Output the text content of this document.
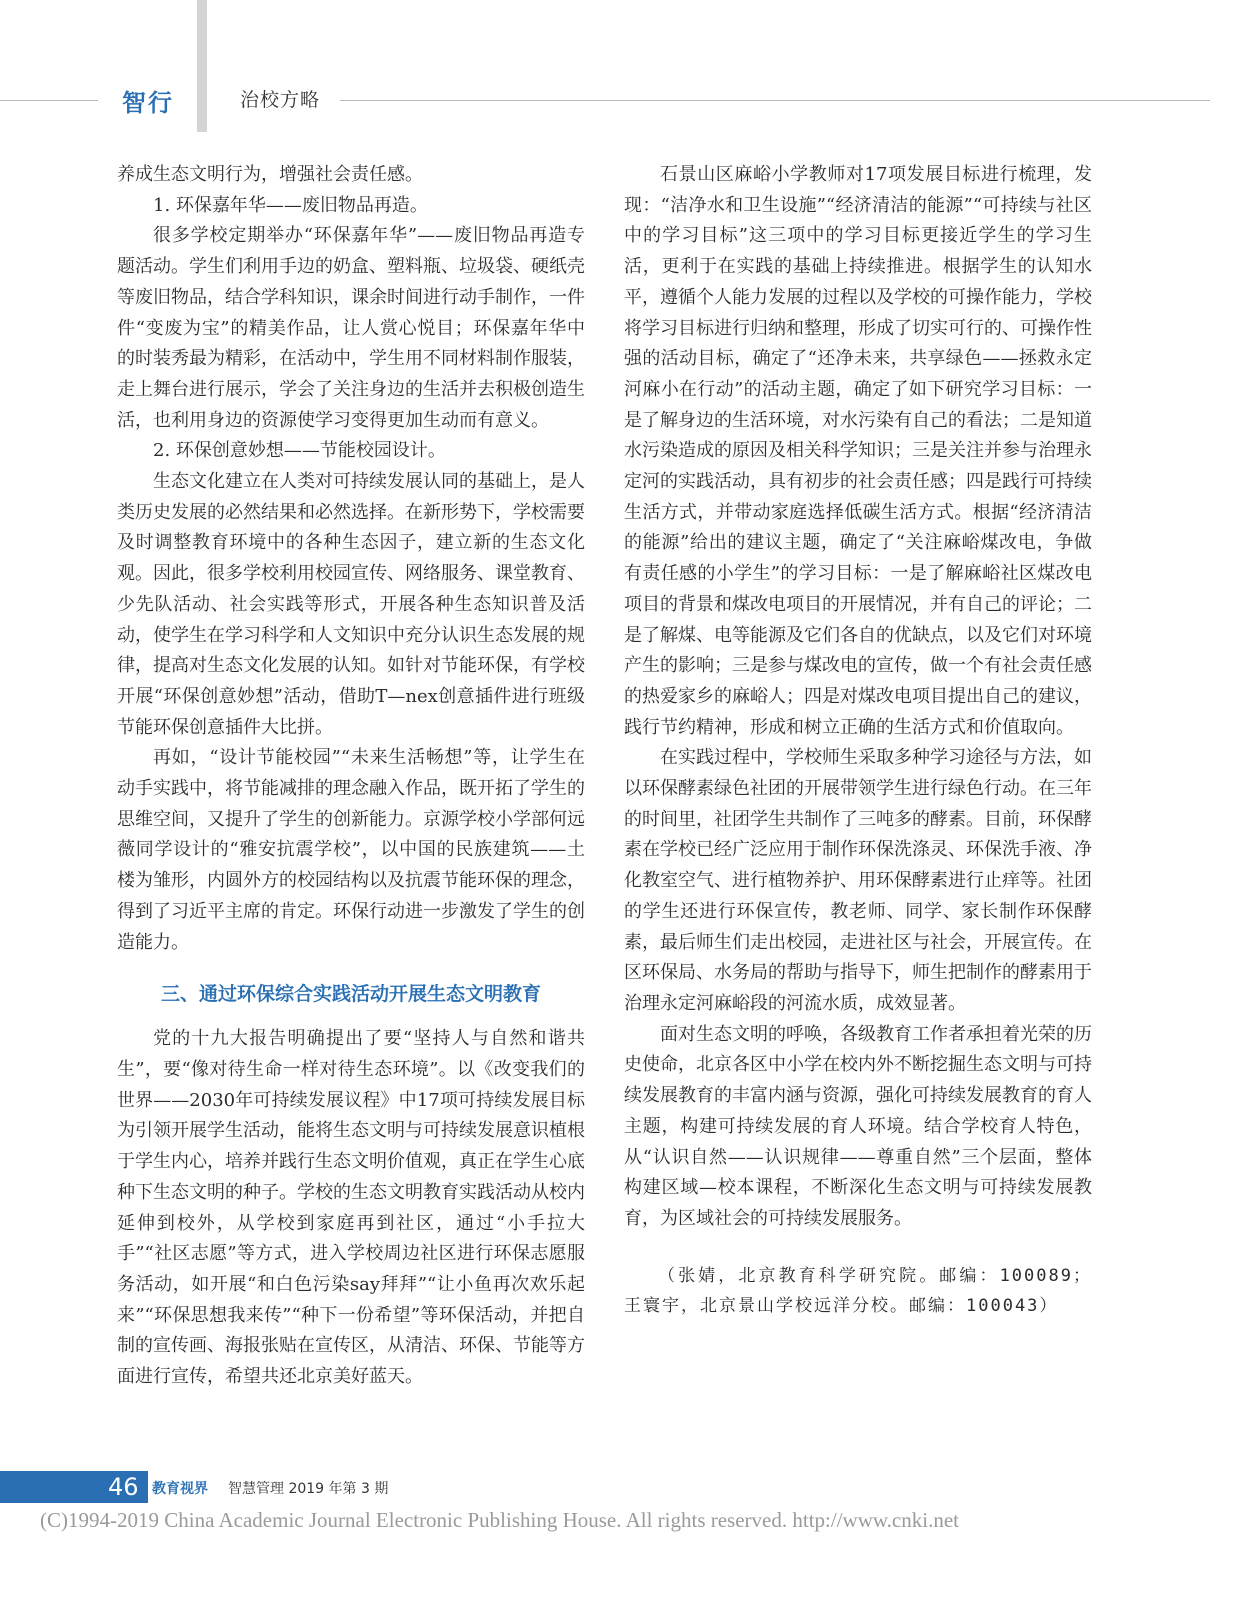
智行	治校方略

养成生态文明行为，增强社会责任感。

1. 环保嘉年华——废旧物品再造。

很多学校定期举办“环保嘉年华”——废旧物品再造专题活动。学生们利用手边的奶盒、塑料瓶、垃圾袋、硬纸壳等废旧物品，结合学科知识，课余时间进行动手制作，一件件“变废为宝”的精美作品，让人赏心悦目；环保嘉年华中的时装秀最为精彩，在活动中，学生用不同材料制作服装，走上舞台进行展示，学会了关注身边的生活并去积极创造生活，也利用身边的资源使学习变得更加生动而有意义。

2. 环保创意妙想——节能校园设计。

生态文化建立在人类对可持续发展认同的基础上，是人类历史发展的必然结果和必然选择。在新形势下，学校需要及时调整教育环境中的各种生态因子，建立新的生态文化观。因此，很多学校利用校园宣传、网络服务、课堂教育、少先队活动、社会实践等形式，开展各种生态知识普及活动，使学生在学习科学和人文知识中充分认识生态发展的规律，提高对生态文化发展的认知。如针对节能环保，有学校开展“环保创意妙想”活动，借助T—nex创意插件进行班级节能环保创意插件大比拼。

再如，“设计节能校园”“未来生活畅想”等，让学生在动手实践中，将节能减排的理念融入作品，既开拓了学生的思维空间，又提升了学生的创新能力。京源学校小学部何远薇同学设计的“雅安抗震学校”，以中国的民族建筑——土楼为雏形，内圆外方的校园结构以及抗震节能环保的理念，得到了习近平主席的肯定。环保行动进一步激发了学生的创造能力。

三、通过环保综合实践活动开展生态文明教育

党的十九大报告明确提出了要“坚持人与自然和谐共生”，要“像对待生命一样对待生态环境”。以《改变我们的世界——2030年可持续发展议程》中17项可持续发展目标为引领开展学生活动，能将生态文明与可持续发展意识植根于学生内心，培养并践行生态文明价值观，真正在学生心底种下生态文明的种子。学校的生态文明教育实践活动从校内延伸到校外，从学校到家庭再到社区，通过“小手拉大手”“社区志愿”等方式，进入学校周边社区进行环保志愿服务活动，如开展“和白色污染say拜拜”“让小鱼再次欢乐起来”“环保思想我来传”“种下一份希望”等环保活动，并把自制的宣传画、海报张贴在宣传区，从清洁、环保、节能等方面进行宣传，希望共还北京美好蓝天。

石景山区麻峪小学教师对17项发展目标进行梳理，发现：“洁净水和卫生设施”“经济清洁的能源”“可持续与社区中的学习目标”这三项中的学习目标更接近学生的学习生活，更利于在实践的基础上持续推进。根据学生的认知水平，遵循个人能力发展的过程以及学校的可操作能力，学校将学习目标进行归纳和整理，形成了切实可行的、可操作性强的活动目标，确定了“还净未来，共享绿色——拯救永定河麻小在行动”的活动主题，确定了如下研究学习目标：一是了解身边的生活环境，对水污染有自己的看法；二是知道水污染造成的原因及相关科学知识；三是关注并参与治理永定河的实践活动，具有初步的社会责任感；四是践行可持续生活方式，并带动家庭选择低碳生活方式。根据“经济清洁的能源”给出的建议主题，确定了“关注麻峪煤改电，争做有责任感的小学生”的学习目标：一是了解麻峪社区煤改电项目的背景和煤改电项目的开展情况，并有自己的评论；二是了解煤、电等能源及它们各自的优缺点，以及它们对环境产生的影响；三是参与煤改电的宣传，做一个有社会责任感的热爱家乡的麻峪人；四是对煤改电项目提出自己的建议，践行节约精神，形成和树立正确的生活方式和价值取向。

在实践过程中，学校师生采取多种学习途径与方法，如以环保酵素绿色社团的开展带领学生进行绿色行动。在三年的时间里，社团学生共制作了三吨多的酵素。目前，环保酵素在学校已经广泛应用于制作环保洗涤灵、环保洗手液、净化教室空气、进行植物养护、用环保酵素进行止痒等。社团的学生还进行环保宣传，教老师、同学、家长制作环保酵素，最后师生们走出校园，走进社区与社会，开展宣传。在区环保局、水务局的帮助与指导下，师生把制作的酵素用于治理永定河麻峪段的河流水质，成效显著。

面对生态文明的呼唤，各级教育工作者承担着光荣的历史使命，北京各区中小学在校内外不断挖掘生态文明与可持续发展教育的丰富内涵与资源，强化可持续发展教育的育人主题，构建可持续发展的育人环境。结合学校育人特色，从“认识自然——认识规律——尊重自然”三个层面，整体构建区域—校本课程，不断深化生态文明与可持续发展教育，为区域社会的可持续发展服务。

（张婧，北京教育科学研究院。邮编：100089；王寰宇，北京景山学校远洋分校。邮编：100043）

46 教育视界 智慧管理 2019 年第 3 期
(C)1994-2019 China Academic Journal Electronic Publishing House. All rights reserved. http://www.cnki.net
